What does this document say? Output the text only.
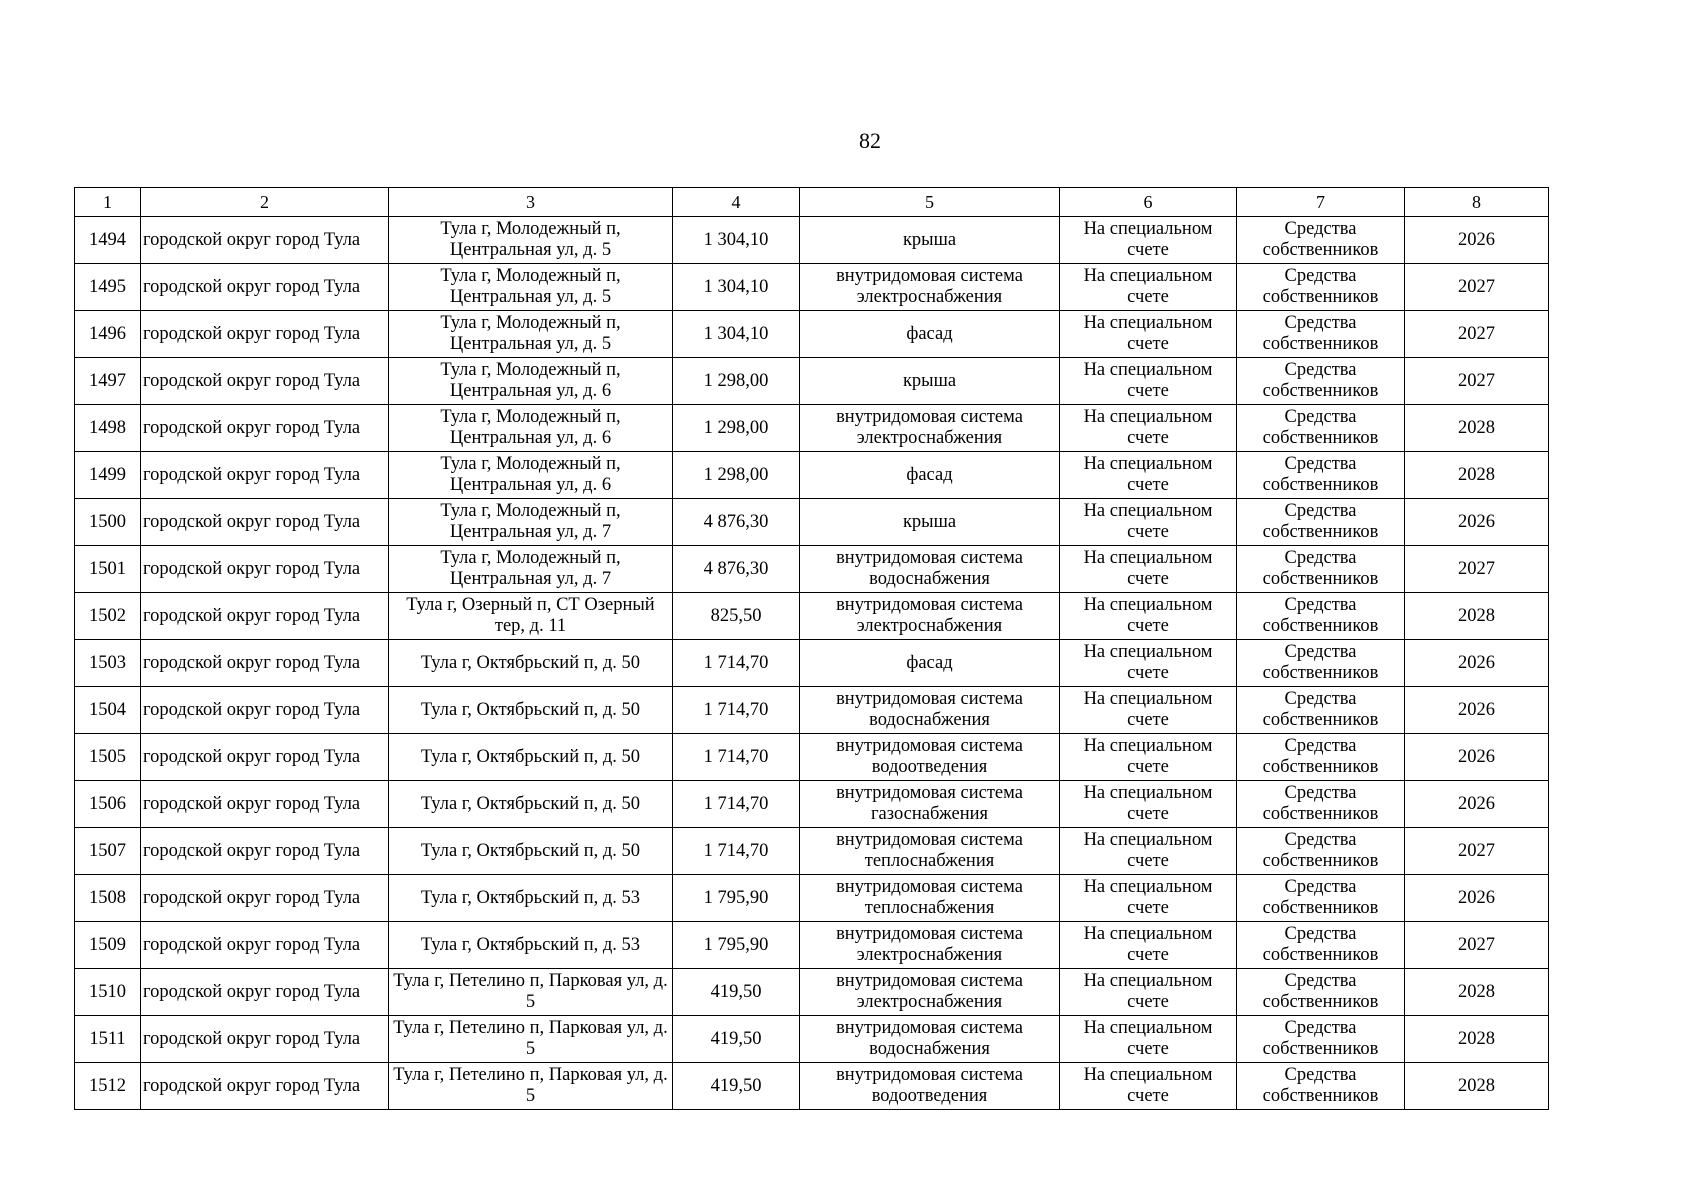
82
1	2	3	4	5	6	7	8
1494	городской округ город Тула	Тула г, Молодежный п, Центральная ул, д. 5	1 304,10	крыша	На специальном счете	Средства собственников	2026
1495	городской округ город Тула	Тула г, Молодежный п, Центральная ул, д. 5	1 304,10	внутридомовая система электроснабжения	На специальном счете	Средства собственников	2027
1496	городской округ город Тула	Тула г, Молодежный п, Центральная ул, д. 5	1 304,10	фасад	На специальном счете	Средства собственников	2027
1497	городской округ город Тула	Тула г, Молодежный п, Центральная ул, д. 6	1 298,00	крыша	На специальном счете	Средства собственников	2027
1498	городской округ город Тула	Тула г, Молодежный п, Центральная ул, д. 6	1 298,00	внутридомовая система электроснабжения	На специальном счете	Средства собственников	2028
1499	городской округ город Тула	Тула г, Молодежный п, Центральная ул, д. 6	1 298,00	фасад	На специальном счете	Средства собственников	2028
1500	городской округ город Тула	Тула г, Молодежный п, Центральная ул, д. 7	4 876,30	крыша	На специальном счете	Средства собственников	2026
1501	городской округ город Тула	Тула г, Молодежный п, Центральная ул, д. 7	4 876,30	внутридомовая система водоснабжения	На специальном счете	Средства собственников	2027
1502	городской округ город Тула	Тула г, Озерный п, СТ Озерный тер, д. 11	825,50	внутридомовая система электроснабжения	На специальном счете	Средства собственников	2028
1503	городской округ город Тула	Тула г, Октябрьский п, д. 50	1 714,70	фасад	На специальном счете	Средства собственников	2026
1504	городской округ город Тула	Тула г, Октябрьский п, д. 50	1 714,70	внутридомовая система водоснабжения	На специальном счете	Средства собственников	2026
1505	городской округ город Тула	Тула г, Октябрьский п, д. 50	1 714,70	внутридомовая система водоотведения	На специальном счете	Средства собственников	2026
1506	городской округ город Тула	Тула г, Октябрьский п, д. 50	1 714,70	внутридомовая система газоснабжения	На специальном счете	Средства собственников	2026
1507	городской округ город Тула	Тула г, Октябрьский п, д. 50	1 714,70	внутридомовая система теплоснабжения	На специальном счете	Средства собственников	2027
1508	городской округ город Тула	Тула г, Октябрьский п, д. 53	1 795,90	внутридомовая система теплоснабжения	На специальном счете	Средства собственников	2026
1509	городской округ город Тула	Тула г, Октябрьский п, д. 53	1 795,90	внутридомовая система электроснабжения	На специальном счете	Средства собственников	2027
1510	городской округ город Тула	Тула г, Петелино п, Парковая ул, д. 5	419,50	внутридомовая система электроснабжения	На специальном счете	Средства собственников	2028
1511	городской округ город Тула	Тула г, Петелино п, Парковая ул, д. 5	419,50	внутридомовая система водоснабжения	На специальном счете	Средства собственников	2028
1512	городской округ город Тула	Тула г, Петелино п, Парковая ул, д. 5	419,50	внутридомовая система водоотведения	На специальном счете	Средства собственников	2028
